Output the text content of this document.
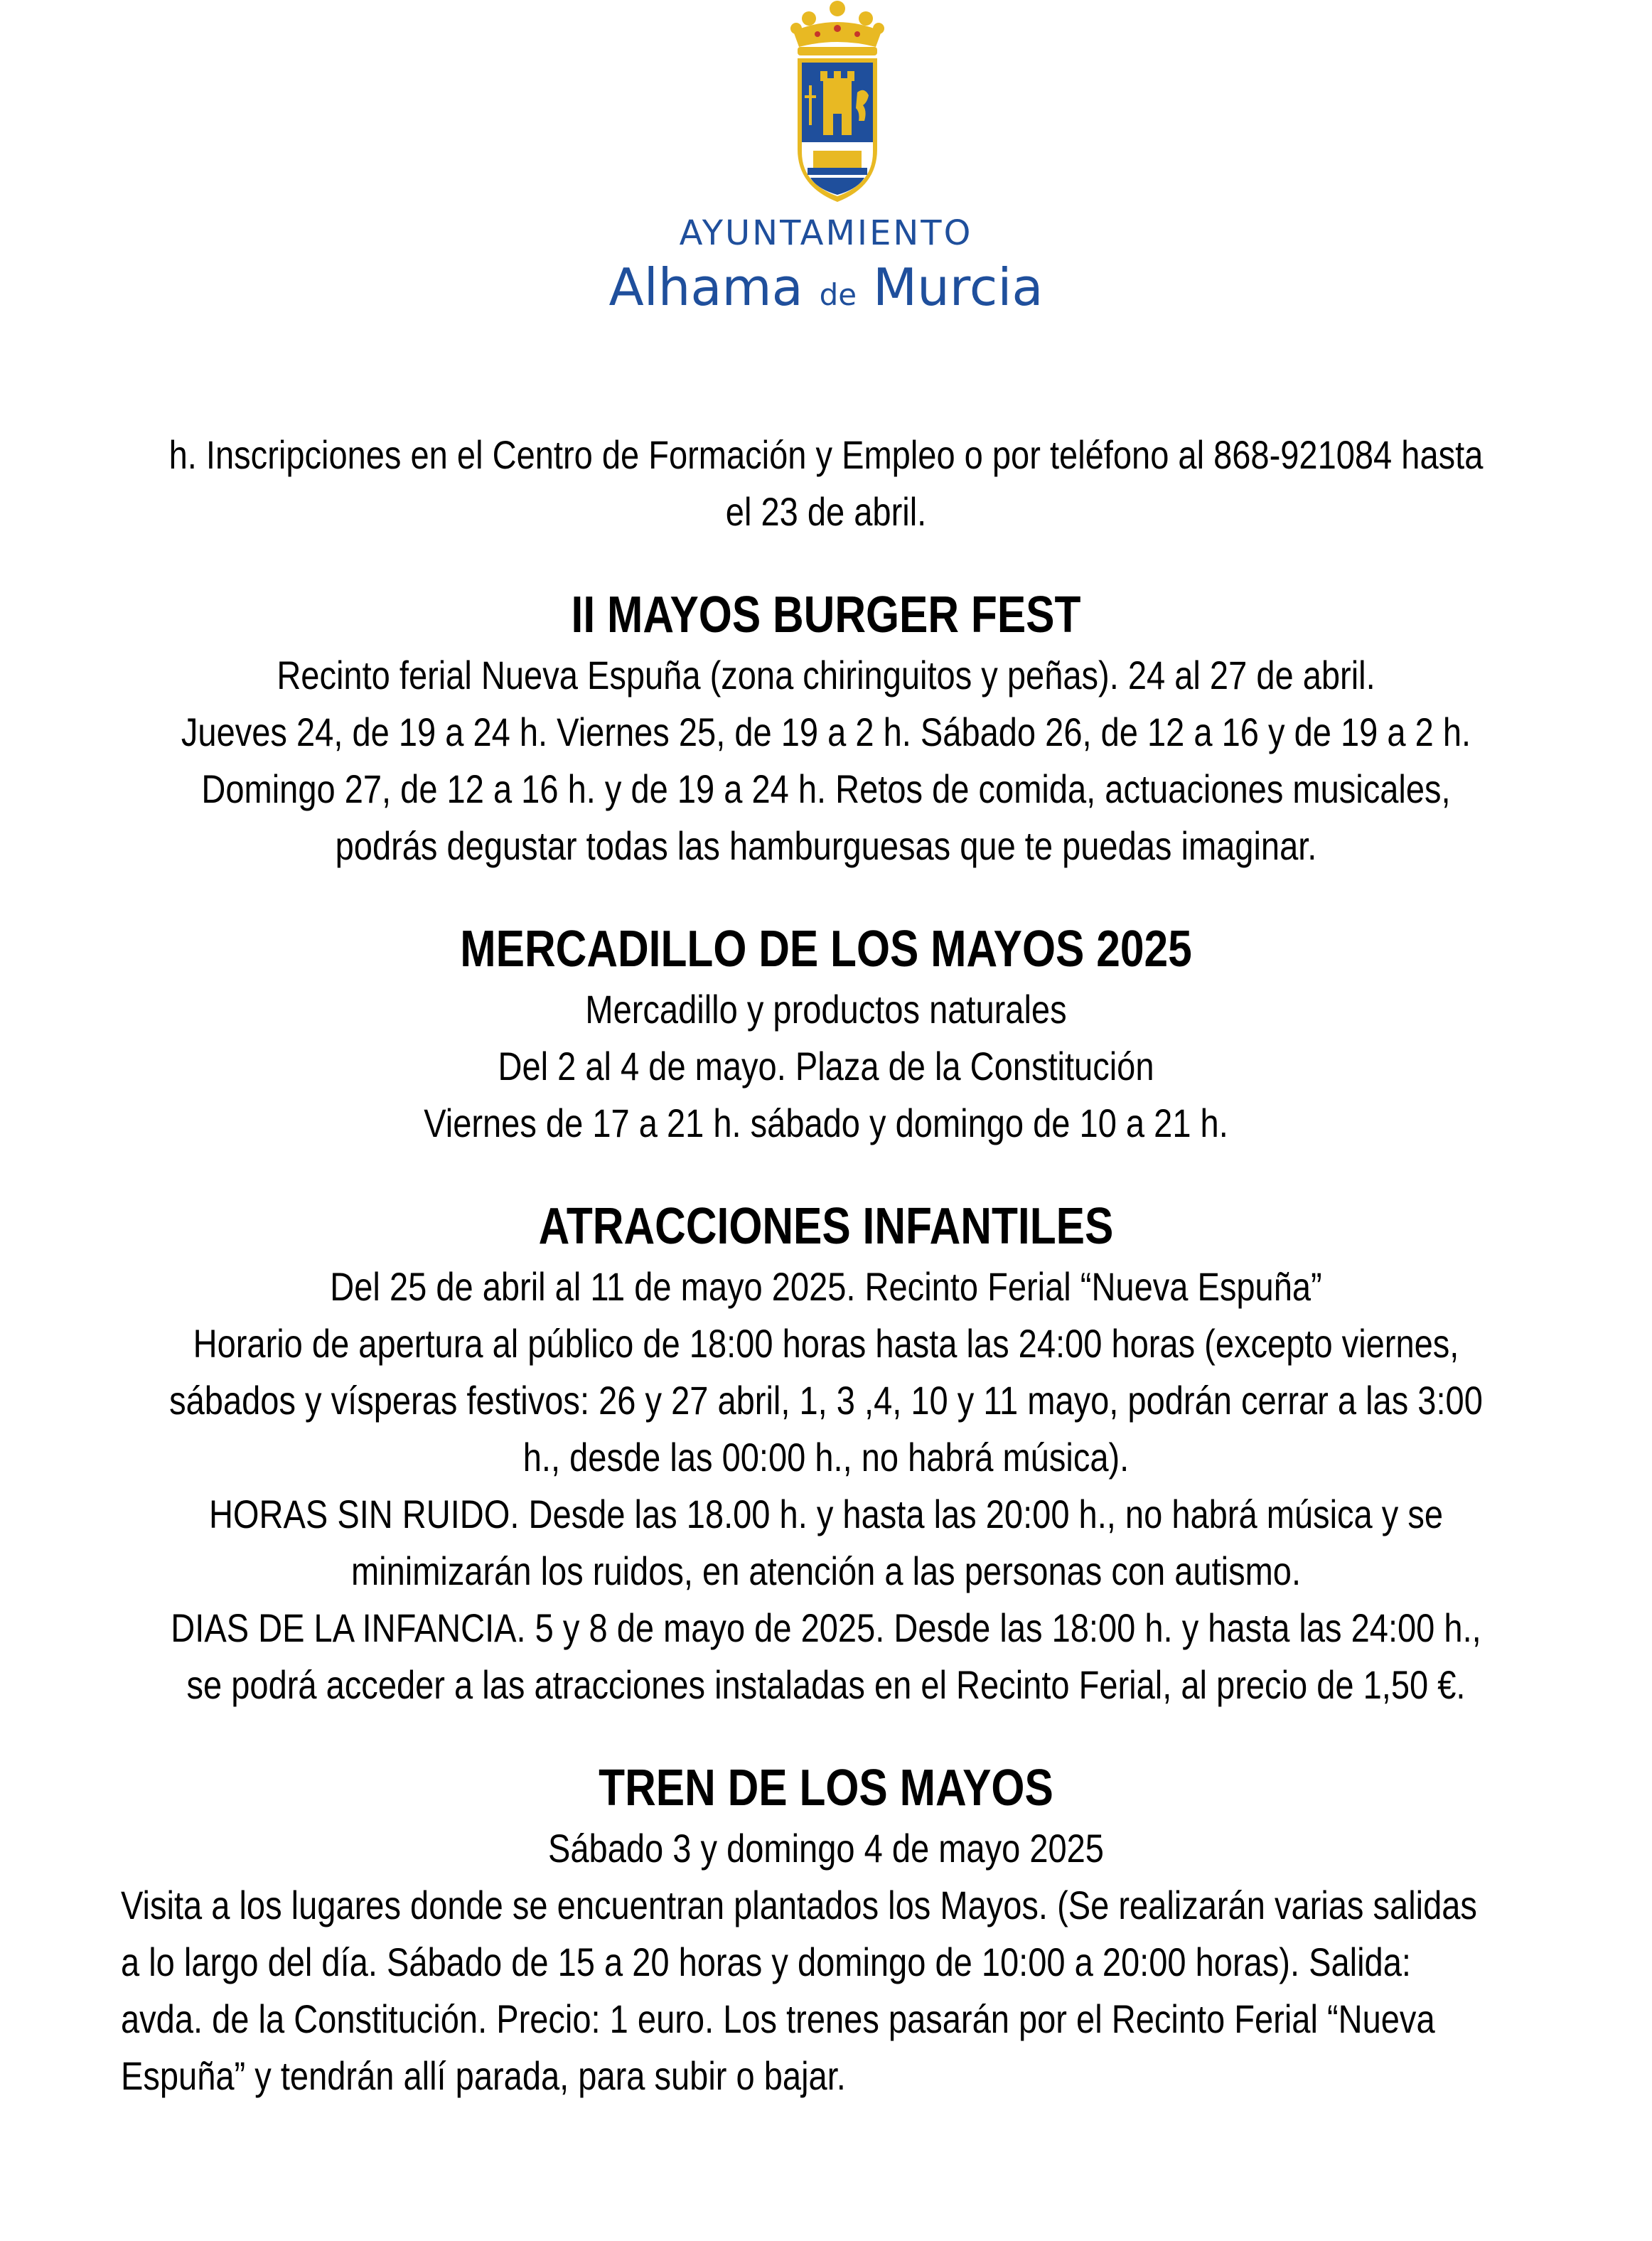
AYUNTAMIENTO
Alhama de Murcia
h. Inscripciones en el Centro de Formación y Empleo o por teléfono al 868-921084 hasta
el 23 de abril.
II MAYOS BURGER FEST
Recinto ferial Nueva Espuña (zona chiringuitos y peñas). 24 al 27 de abril.
Jueves 24, de 19 a 24 h. Viernes 25, de 19 a 2 h. Sábado 26, de 12 a 16 y de 19 a 2 h.
Domingo 27, de 12 a 16 h. y de 19 a 24 h. Retos de comida, actuaciones musicales,
podrás degustar todas las hamburguesas que te puedas imaginar.
MERCADILLO DE LOS MAYOS 2025
Mercadillo y productos naturales
Del 2 al 4 de mayo. Plaza de la Constitución
Viernes de 17 a 21 h. sábado y domingo de 10 a 21 h.
ATRACCIONES INFANTILES
Del 25 de abril al 11 de mayo 2025. Recinto Ferial “Nueva Espuña”
Horario de apertura al público de 18:00 horas hasta las 24:00 horas (excepto viernes,
sábados y vísperas festivos: 26 y 27 abril, 1, 3 ,4, 10 y 11 mayo, podrán cerrar a las 3:00
h., desde las 00:00 h., no habrá música).
HORAS SIN RUIDO. Desde las 18.00 h. y hasta las 20:00 h., no habrá música y se
minimizarán los ruidos, en atención a las personas con autismo.
DIAS DE LA INFANCIA. 5 y 8 de mayo de 2025. Desde las 18:00 h. y hasta las 24:00 h.,
se podrá acceder a las atracciones instaladas en el Recinto Ferial, al precio de 1,50 €.
TREN DE LOS MAYOS
Sábado 3 y domingo 4 de mayo 2025
Visita a los lugares donde se encuentran plantados los Mayos. (Se realizarán varias salidas
a lo largo del día. Sábado de 15 a 20 horas y domingo de 10:00 a 20:00 horas). Salida:
avda. de la Constitución. Precio: 1 euro. Los trenes pasarán por el Recinto Ferial “Nueva
Espuña” y tendrán allí parada, para subir o bajar.
